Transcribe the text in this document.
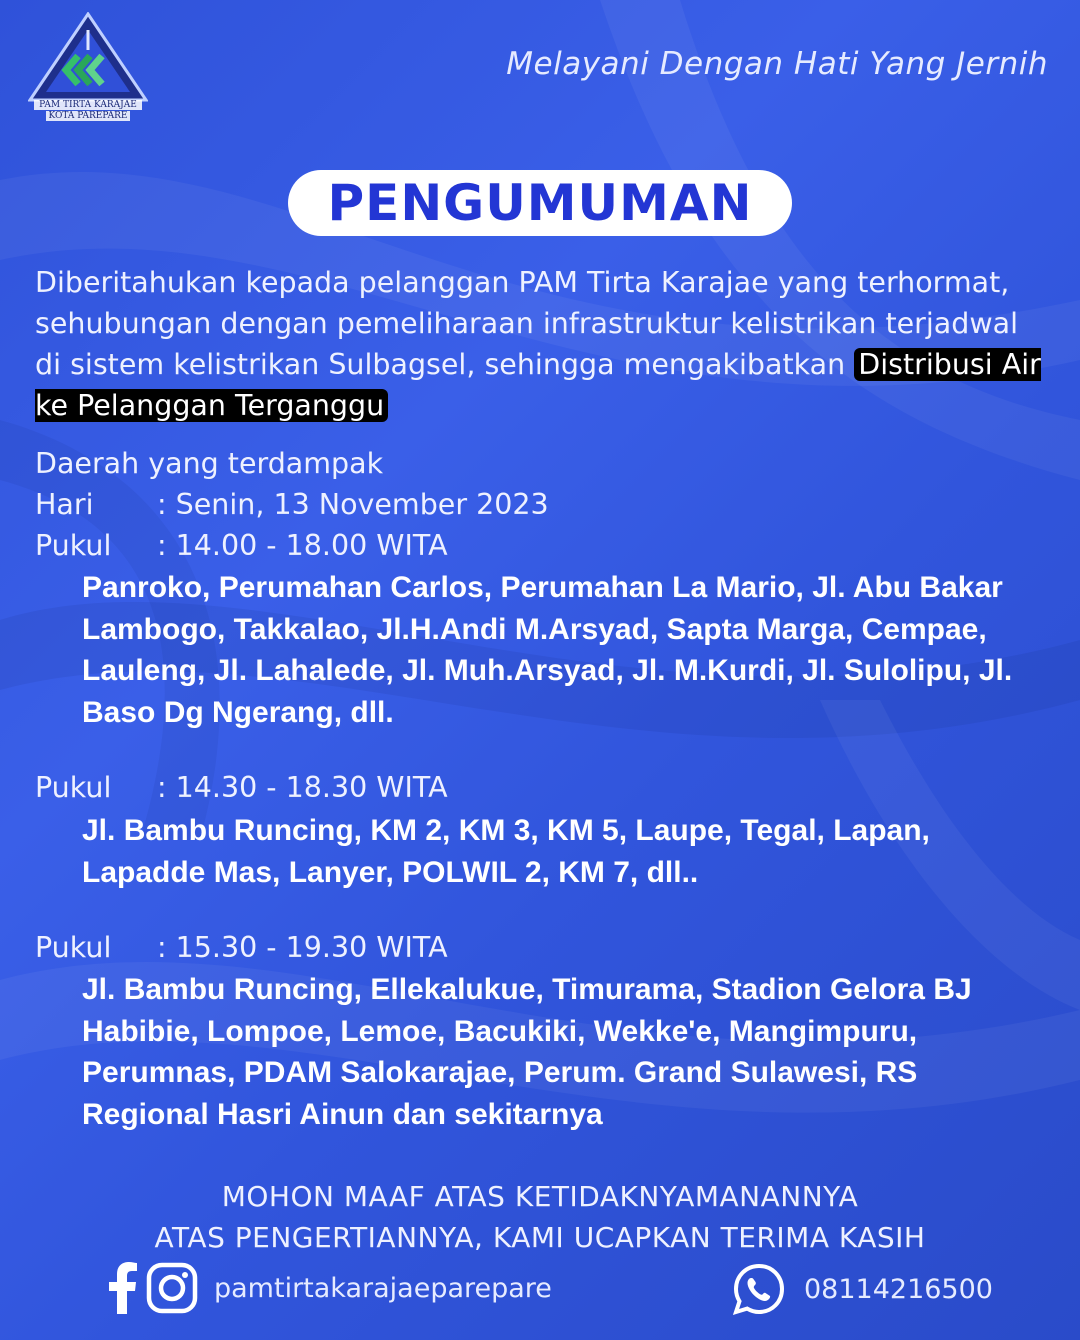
PAM TIRTA KARAJAE
KOTA PAREPARE
Melayani Dengan Hati Yang Jernih
PENGUMUMAN
Diberitahukan kepada pelanggan PAM Tirta Karajae yang terhormat, sehubungan dengan pemeliharaan infrastruktur kelistrikan terjadwal di sistem kelistrikan Sulbagsel, sehingga mengakibatkan Distribusi Air ke Pelanggan Terganggu
Daerah yang terdampak
Hari : Senin, 13 November 2023
Pukul : 14.00 - 18.00 WITA
Panroko, Perumahan Carlos, Perumahan La Mario, Jl. Abu Bakar Lambogo, Takkalao, Jl.H.Andi M.Arsyad, Sapta Marga, Cempae, Lauleng, Jl. Lahalede, Jl. Muh.Arsyad, Jl. M.Kurdi, Jl. Sulolipu, Jl. Baso Dg Ngerang, dll.
Pukul : 14.30 - 18.30 WITA
Jl. Bambu Runcing, KM 2, KM 3, KM 5, Laupe, Tegal, Lapan, Lapadde Mas, Lanyer, POLWIL 2, KM 7, dll..
Pukul : 15.30 - 19.30 WITA
Jl. Bambu Runcing, Ellekalukue, Timurama, Stadion Gelora BJ Habibie, Lompoe, Lemoe, Bacukiki, Wekke'e, Mangimpuru, Perumnas, PDAM Salokarajae, Perum. Grand Sulawesi, RS Regional Hasri Ainun dan sekitarnya
MOHON MAAF ATAS KETIDAKNYAMANANNYA
ATAS PENGERTIANNYA, KAMI UCAPKAN TERIMA KASIH
pamtirtakarajaeparepare	08114216500
